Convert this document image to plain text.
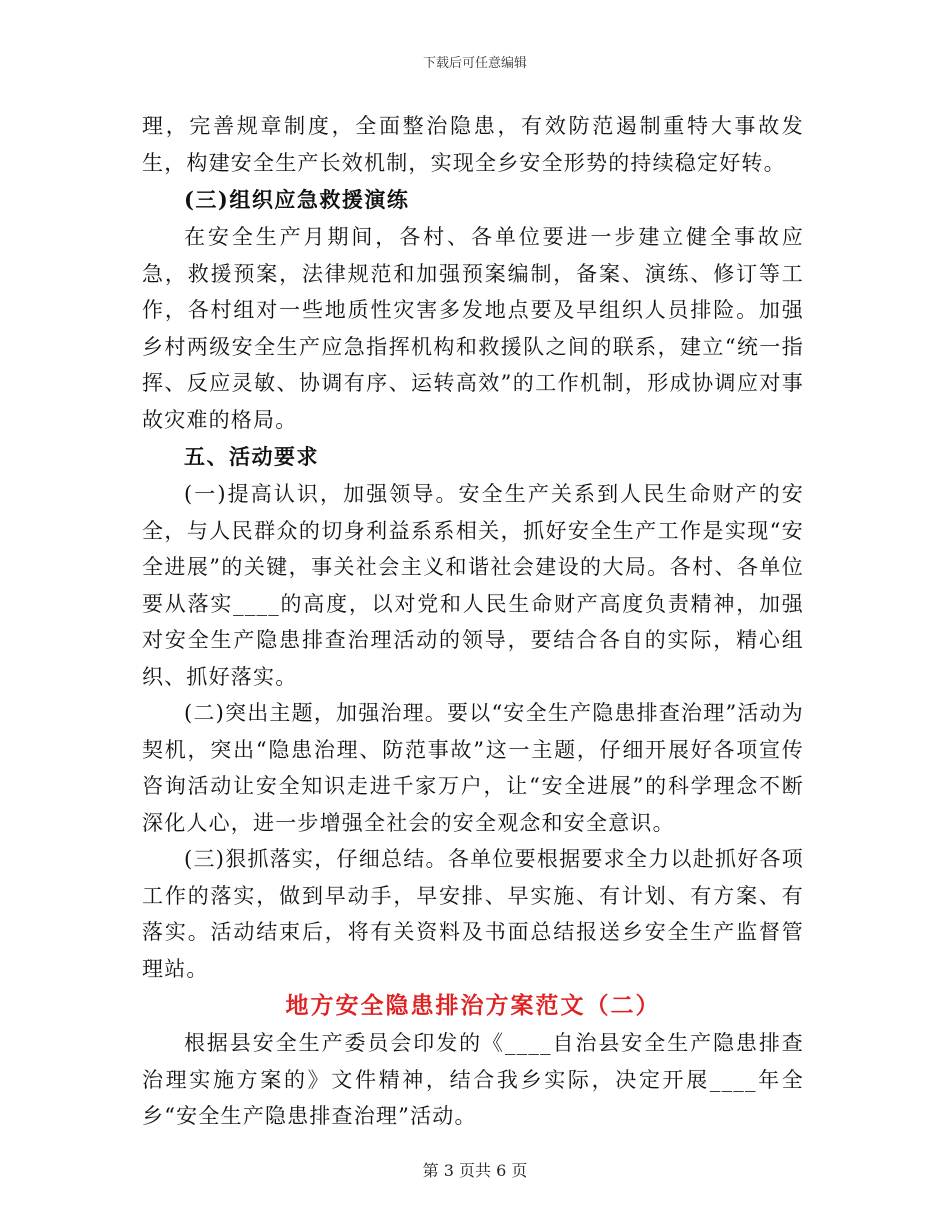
下载后可任意编辑

理，完善规章制度，全面整治隐患，有效防范遏制重特大事故发生，构建安全生产长效机制，实现全乡安全形势的持续稳定好转。

(三)组织应急救援演练

在安全生产月期间，各村、各单位要进一步建立健全事故应急，救援预案，法律规范和加强预案编制，备案、演练、修订等工作，各村组对一些地质性灾害多发地点要及早组织人员排险。加强乡村两级安全生产应急指挥机构和救援队之间的联系，建立“统一指挥、反应灵敏、协调有序、运转高效”的工作机制，形成协调应对事故灾难的格局。

五、活动要求

(一)提高认识，加强领导。安全生产关系到人民生命财产的安全，与人民群众的切身利益系系相关，抓好安全生产工作是实现“安全进展”的关键，事关社会主义和谐社会建设的大局。各村、各单位要从落实____的高度，以对党和人民生命财产高度负责精神，加强对安全生产隐患排查治理活动的领导，要结合各自的实际，精心组织、抓好落实。

(二)突出主题，加强治理。要以“安全生产隐患排查治理”活动为契机，突出“隐患治理、防范事故”这一主题，仔细开展好各项宣传咨询活动让安全知识走进千家万户，让“安全进展”的科学理念不断深化人心，进一步增强全社会的安全观念和安全意识。

(三)狠抓落实，仔细总结。各单位要根据要求全力以赴抓好各项工作的落实，做到早动手，早安排、早实施、有计划、有方案、有落实。活动结束后，将有关资料及书面总结报送乡安全生产监督管理站。

地方安全隐患排治方案范文（二）

根据县安全生产委员会印发的《____自治县安全生产隐患排查治理实施方案的》文件精神，结合我乡实际，决定开展____年全乡“安全生产隐患排查治理”活动。

第 3 页共 6 页
